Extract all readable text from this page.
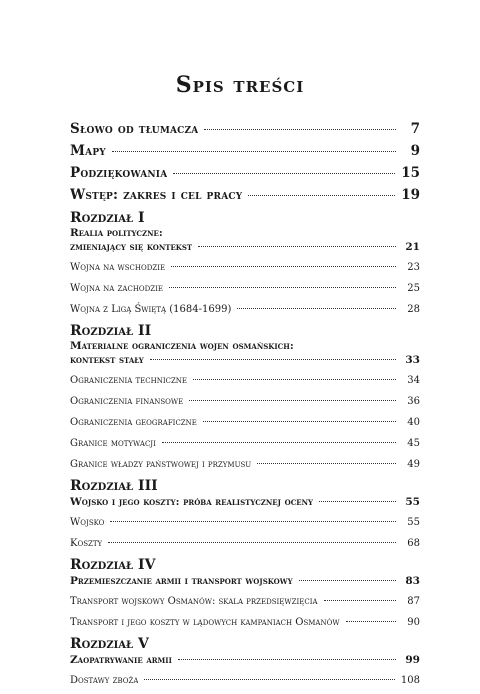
Spis treści
Słowo od tłumacza	7
Mapy	9
Podziękowania	15
Wstęp: zakres i cel pracy	19
Rozdział I
Realia polityczne:
zmieniający się kontekst	21
Wojna na wschodzie	23
Wojna na zachodzie	25
Wojna z Ligą Świętą (1684-1699)	28
Rozdział II
Materialne ograniczenia wojen osmańskich:
kontekst stały	33
Ograniczenia techniczne	34
Ograniczenia finansowe	36
Ograniczenia geograficzne	40
Granice motywacji	45
Granice władzy państwowej i przymusu	49
Rozdział III
Wojsko i jego koszty: próba realistycznej oceny	55
Wojsko	55
Koszty	68
Rozdział IV
Przemieszczanie armii i transport wojskowy	83
Transport wojskowy Osmanów: skala przedsięwzięcia	87
Transport i jego koszty w lądowych kampaniach Osmanów	90
Rozdział V
Zaopatrywanie armii	99
Dostawy zboża	108
